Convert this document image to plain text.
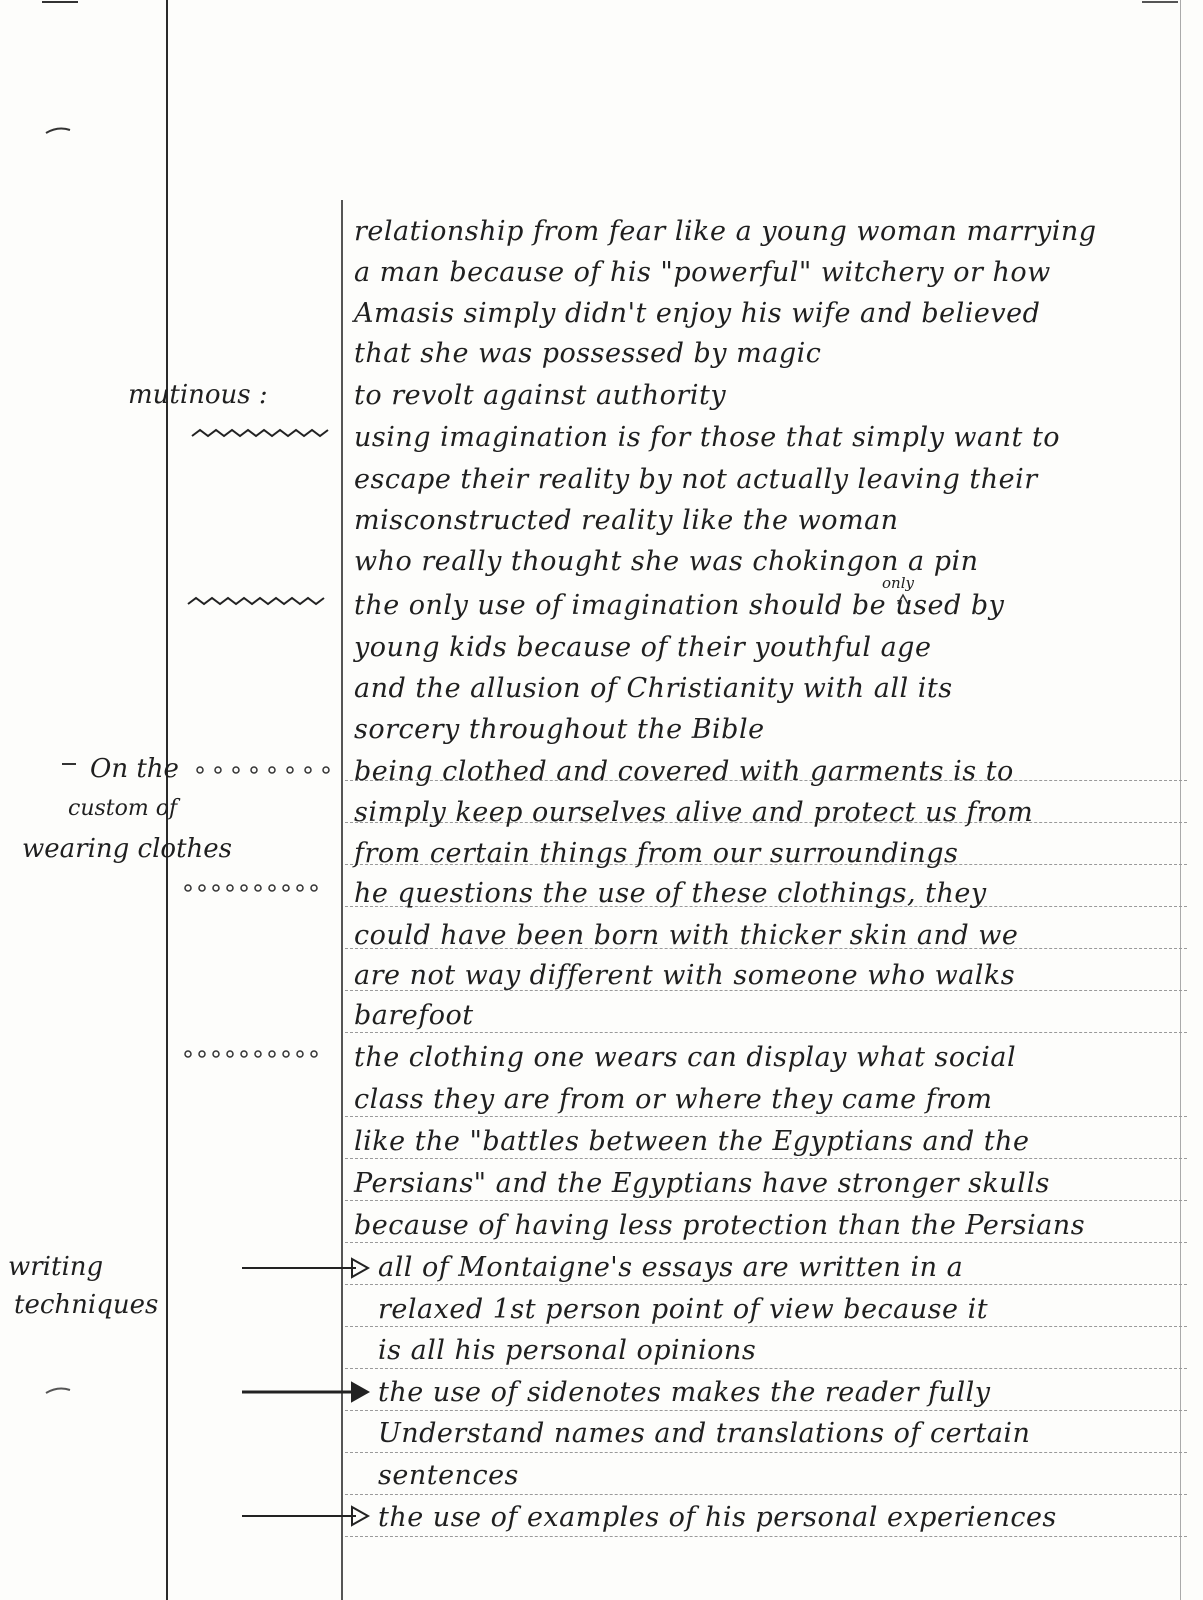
relationship from fear like a young woman marrying
a man because of his "powerful" witchery or how
Amasis simply didn't enjoy his wife and believed
that she was possessed by magic
to revolt against authority
using imagination is for those that simply want to
escape their reality by not actually leaving their
misconstructed reality like the woman
who really thought she was chokingon a pin
the only use of imagination should be used by
young kids because of their youthful age
and the allusion of Christianity with all its
sorcery throughout the Bible
being clothed and covered with garments is to
simply keep ourselves alive and protect us from
from certain things from our surroundings
he questions the use of these clothings, they
could have been born with thicker skin and we
are not way different with someone who walks
barefoot
the clothing one wears can display what social
class they are from or where they came from
like the "battles between the Egyptians and the
Persians" and the Egyptians have stronger skulls
because of having less protection than the Persians
all of Montaigne's essays are written in a
relaxed 1st person point of view because it
is all his personal opinions
the use of sidenotes makes the reader fully
Understand names and translations of certain
sentences
the use of examples of his personal experiences
only
mutinous :
On the
custom of
wearing clothes
writing
techniques
